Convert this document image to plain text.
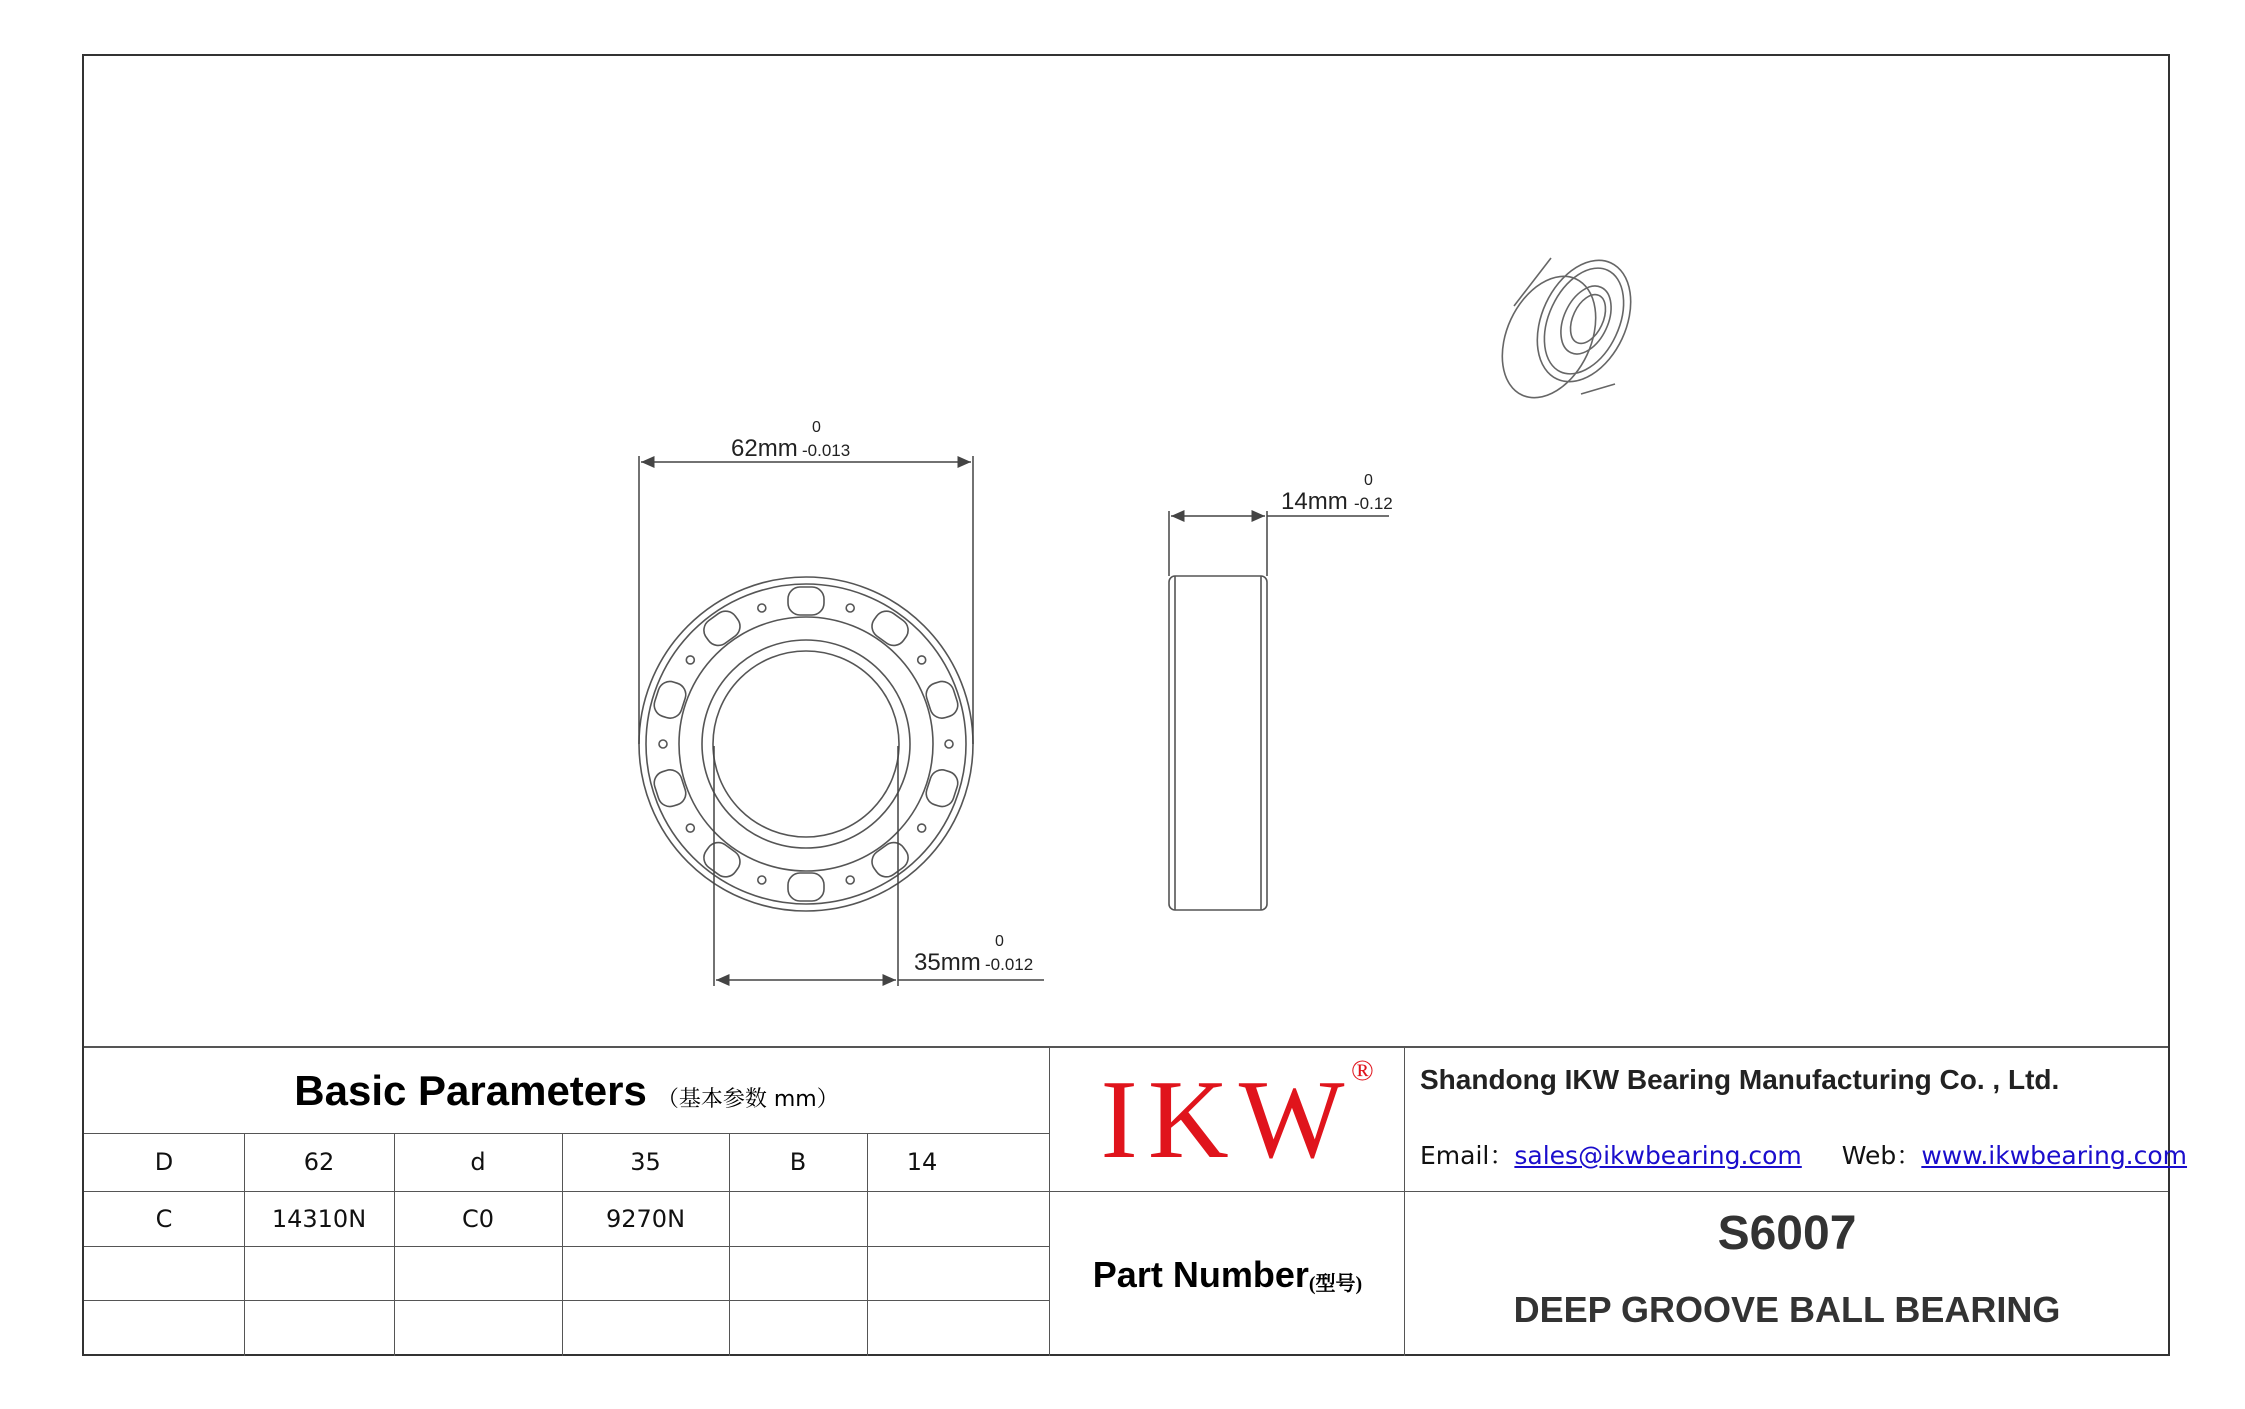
62mm
0
-0.013
35mm
0
-0.012
14mm
0
-0.12
Basic Parameters （基本参数 mm）
D	62	d	35	B	14
C	14310N	C0	9270N
IKW
® Shandong IKW Bearing Manufacturing Co. , Ltd.
Email：sales@ikwbearing.com Web：www.ikwbearing.com
Part Number (型号)
S6007
DEEP GROOVE BALL BEARING
